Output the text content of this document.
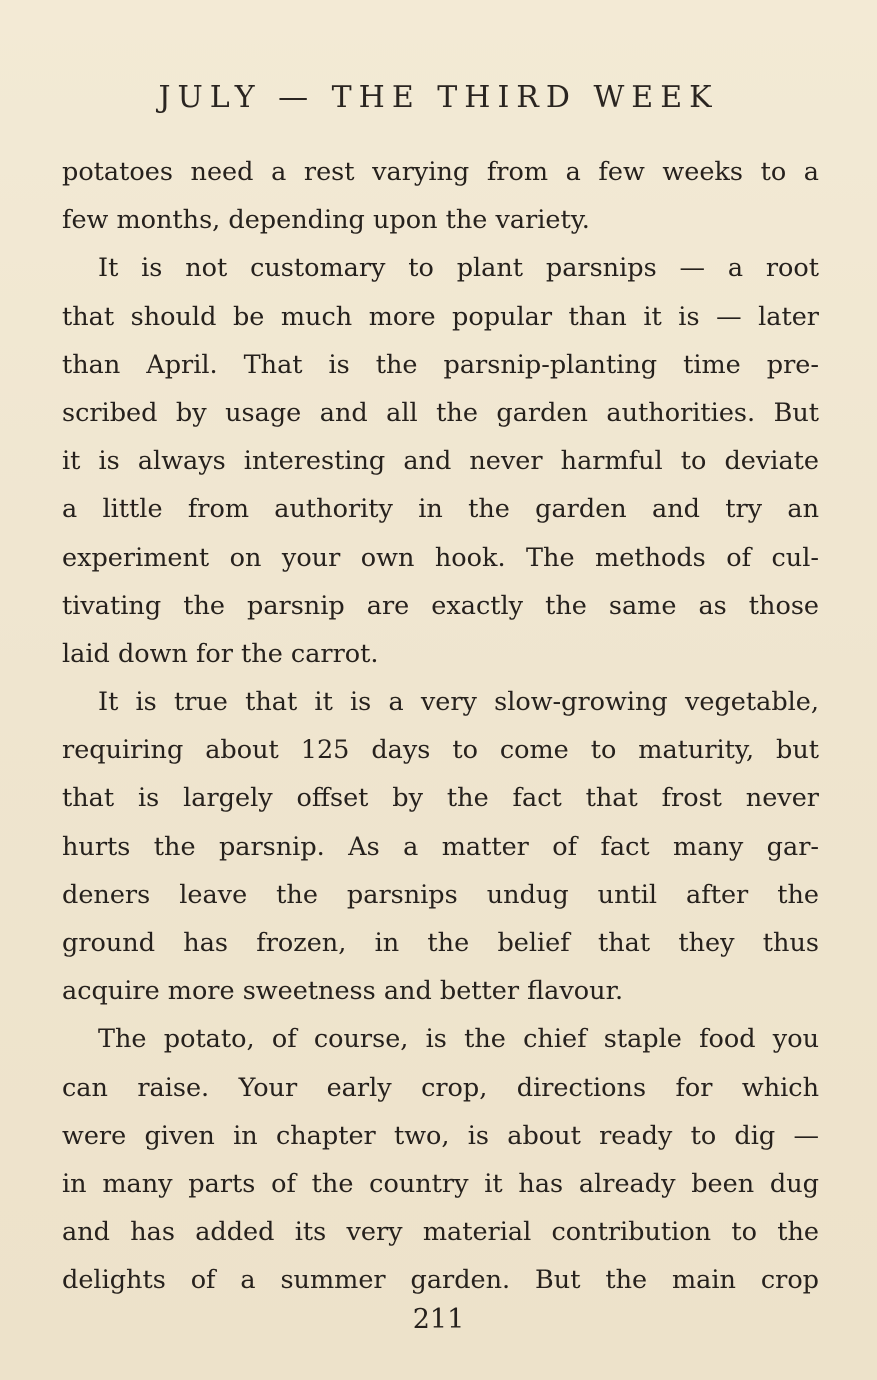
JULY — THE THIRD WEEK
potatoes need a rest varying from a few weeks to a
few months, depending upon the variety.
It is not customary to plant parsnips — a root
that should be much more popular than it is — later
than April. That is the parsnip-planting time pre-
scribed by usage and all the garden authorities. But
it is always interesting and never harmful to deviate
a little from authority in the garden and try an
experiment on your own hook. The methods of cul-
tivating the parsnip are exactly the same as those
laid down for the carrot.
It is true that it is a very slow-growing vegetable,
requiring about 125 days to come to maturity, but
that is largely offset by the fact that frost never
hurts the parsnip. As a matter of fact many gar-
deners leave the parsnips undug until after the
ground has frozen, in the belief that they thus
acquire more sweetness and better flavour.
The potato, of course, is the chief staple food you
can raise. Your early crop, directions for which
were given in chapter two, is about ready to dig —
in many parts of the country it has already been dug
and has added its very material contribution to the
delights of a summer garden. But the main crop
211
